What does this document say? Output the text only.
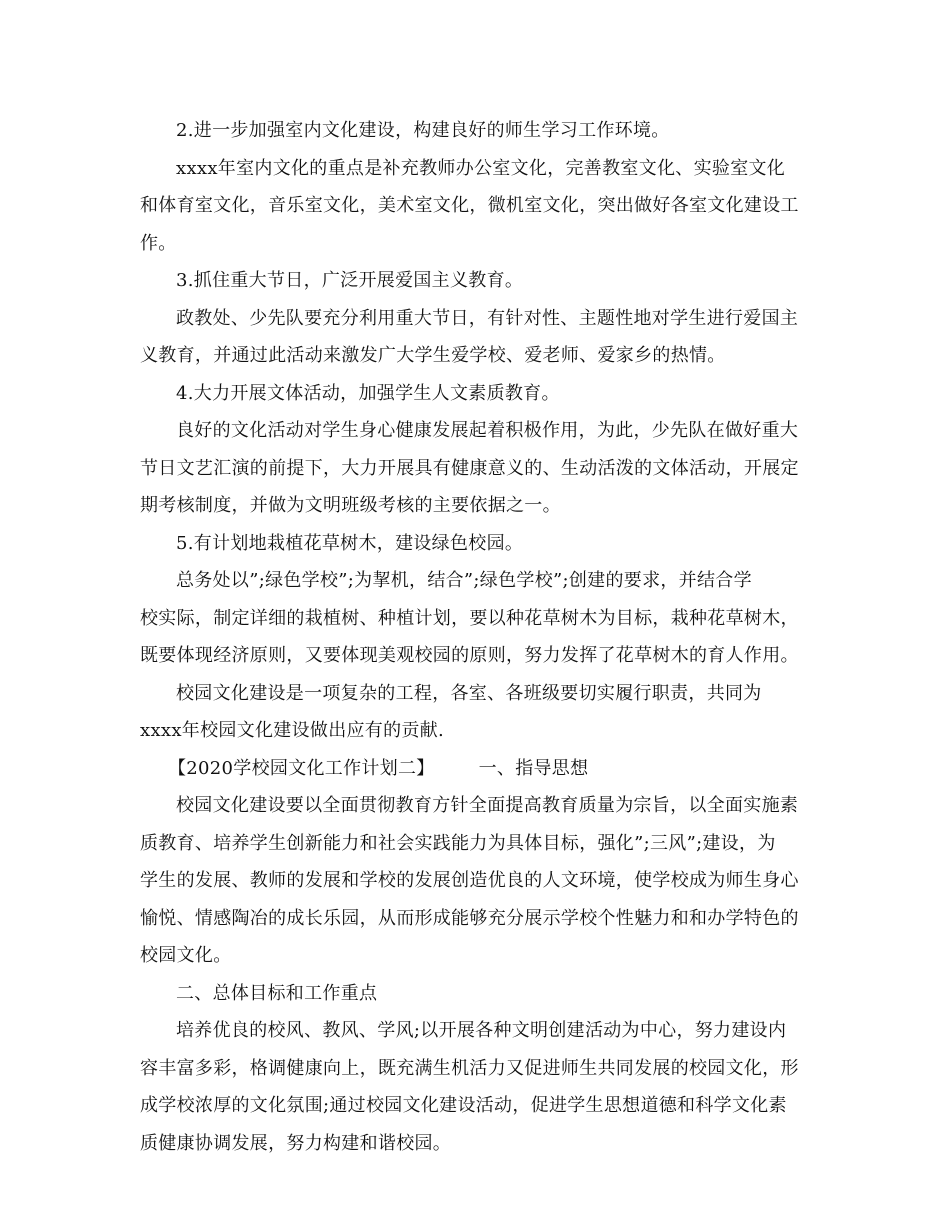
2.进一步加强室内文化建设，构建良好的师生学习工作环境。
xxxx年室内文化的重点是补充教师办公室文化，完善教室文化、实验室文化
和体育室文化，音乐室文化，美术室文化，微机室文化，突出做好各室文化建设工
作。
3.抓住重大节日，广泛开展爱国主义教育。
政教处、少先队要充分利用重大节日，有针对性、主题性地对学生进行爱国主
义教育，并通过此活动来激发广大学生爱学校、爱老师、爱家乡的热情。
4.大力开展文体活动，加强学生人文素质教育。
良好的文化活动对学生身心健康发展起着积极作用，为此，少先队在做好重大
节日文艺汇演的前提下，大力开展具有健康意义的、生动活泼的文体活动，开展定
期考核制度，并做为文明班级考核的主要依据之一。
5.有计划地栽植花草树木，建设绿色校园。
总务处以”;绿色学校”;为挈机，结合”;绿色学校”;创建的要求，并结合学
校实际，制定详细的栽植树、种植计划，要以种花草树木为目标，栽种花草树木，
既要体现经济原则，又要体现美观校园的原则，努力发挥了花草树木的育人作用。
校园文化建设是一项复杂的工程，各室、各班级要切实履行职责，共同为
xxxx年校园文化建设做出应有的贡献.
【2020学校园文化工作计划二】 一、指导思想
校园文化建设要以全面贯彻教育方针全面提高教育质量为宗旨，以全面实施素
质教育、培养学生创新能力和社会实践能力为具体目标，强化”;三风”;建设，为
学生的发展、教师的发展和学校的发展创造优良的人文环境，使学校成为师生身心
愉悦、情感陶冶的成长乐园，从而形成能够充分展示学校个性魅力和和办学特色的
校园文化。
二、总体目标和工作重点
培养优良的校风、教风、学风;以开展各种文明创建活动为中心，努力建设内
容丰富多彩，格调健康向上，既充满生机活力又促进师生共同发展的校园文化，形
成学校浓厚的文化氛围;通过校园文化建设活动，促进学生思想道德和科学文化素
质健康协调发展，努力构建和谐校园。
